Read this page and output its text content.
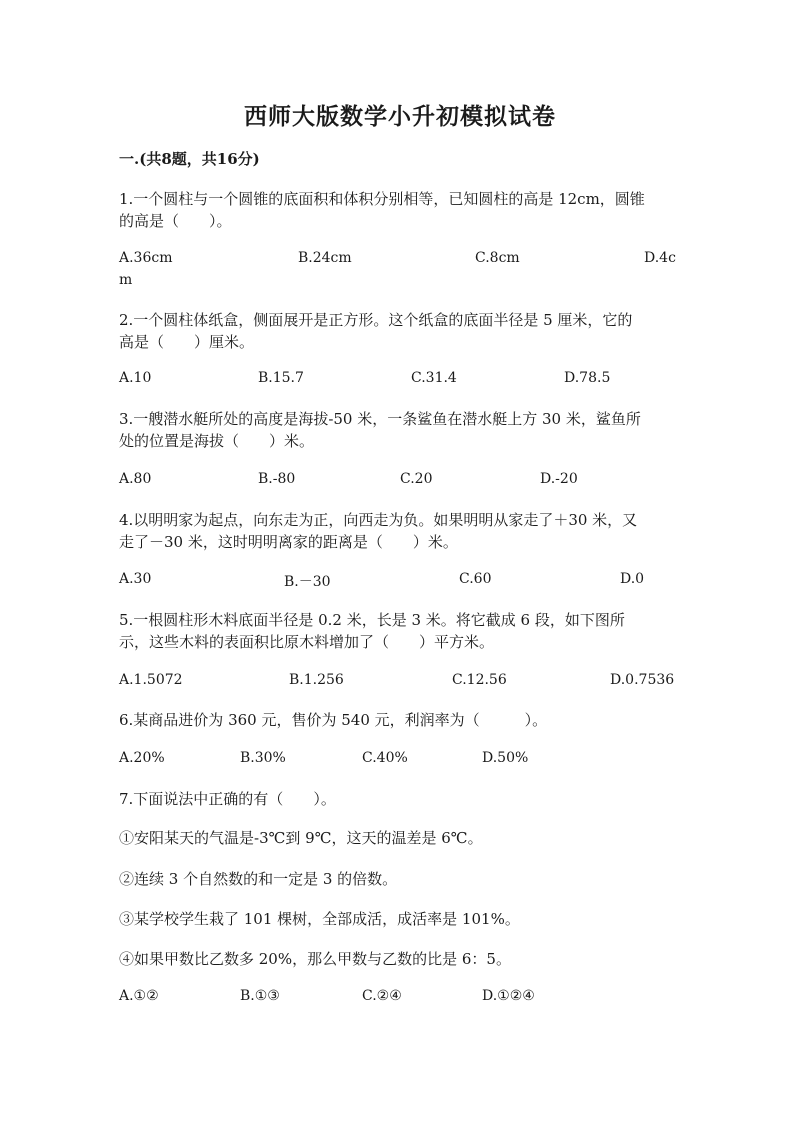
西师大版数学小升初模拟试卷
一.(共8题，共16分)
1.一个圆柱与一个圆锥的底面积和体积分别相等，已知圆柱的高是 12cm，圆锥
的高是（　　）。
A.36cm	B.24cm	C.8cm	D.4c
m
2.一个圆柱体纸盒，侧面展开是正方形。这个纸盒的底面半径是 5 厘米，它的
高是（　　）厘米。
A.10	B.15.7	C.31.4	D.78.5
3.一艘潜水艇所处的高度是海拔-50 米，一条鲨鱼在潜水艇上方 30 米，鲨鱼所
处的位置是海拔（　　）米。
A.80	B.-80	C.20	D.-20
4.以明明家为起点，向东走为正，向西走为负。如果明明从家走了＋30 米，又
走了－30 米，这时明明离家的距离是（　　）米。
A.30	B.－30	C.60	D.0
5.一根圆柱形木料底面半径是 0.2 米，长是 3 米。将它截成 6 段，如下图所
示，这些木料的表面积比原木料增加了（　　）平方米。
A.1.5072	B.1.256	C.12.56	D.0.7536
6.某商品进价为 360 元，售价为 540 元，利润率为（　　　）。
A.20%	B.30%	C.40%	D.50%
7.下面说法中正确的有（　　）。
①安阳某天的气温是-3℃到 9℃，这天的温差是 6℃。
②连续 3 个自然数的和一定是 3 的倍数。
③某学校学生栽了 101 棵树，全部成活，成活率是 101%。
④如果甲数比乙数多 20%，那么甲数与乙数的比是 6：5。
A.①②	B.①③	C.②④	D.①②④
